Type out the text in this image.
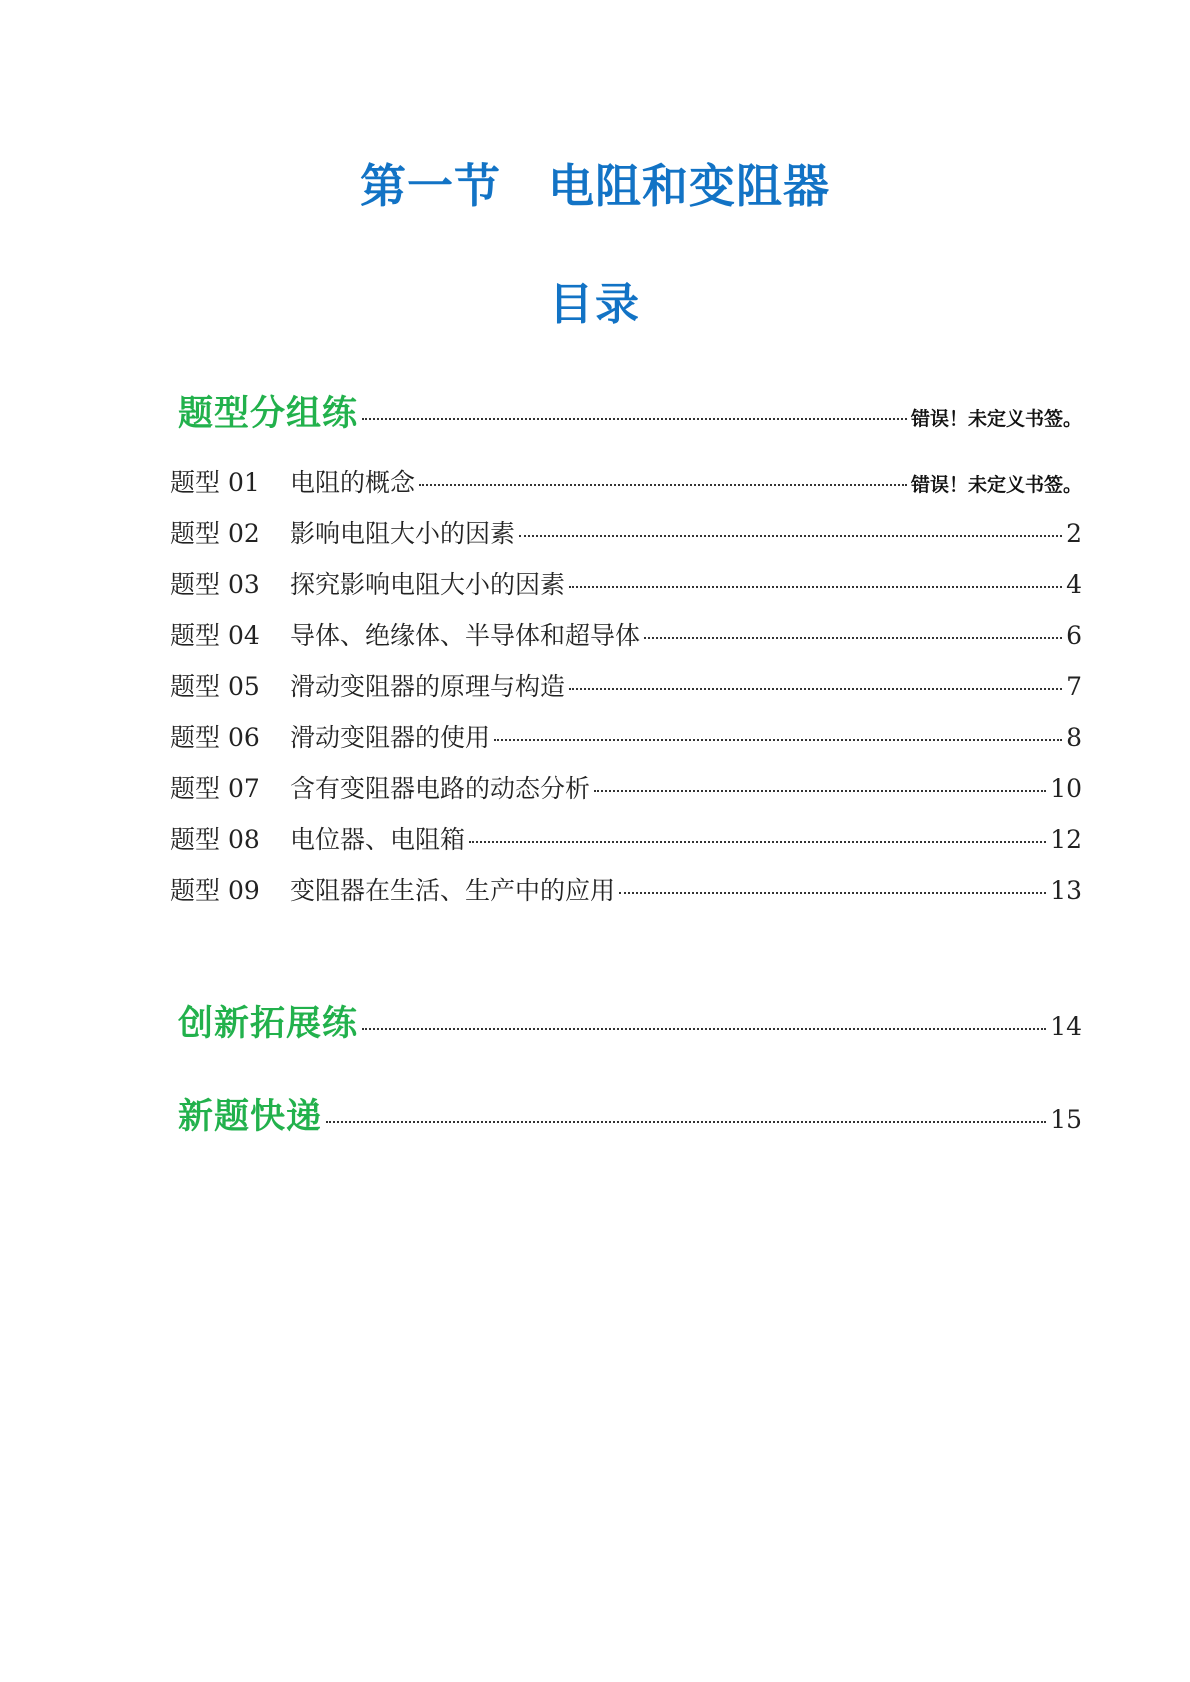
第一节　电阻和变阻器
目录
题型分组练	错误！未定义书签。
题型 01 电阻的概念	错误！未定义书签。
题型 02 影响电阻大小的因素	2
题型 03 探究影响电阻大小的因素	4
题型 04 导体、绝缘体、半导体和超导体	6
题型 05 滑动变阻器的原理与构造	7
题型 06 滑动变阻器的使用	8
题型 07 含有变阻器电路的动态分析	10
题型 08 电位器、电阻箱	12
题型 09 变阻器在生活、生产中的应用	13
创新拓展练	14
新题快递	15
